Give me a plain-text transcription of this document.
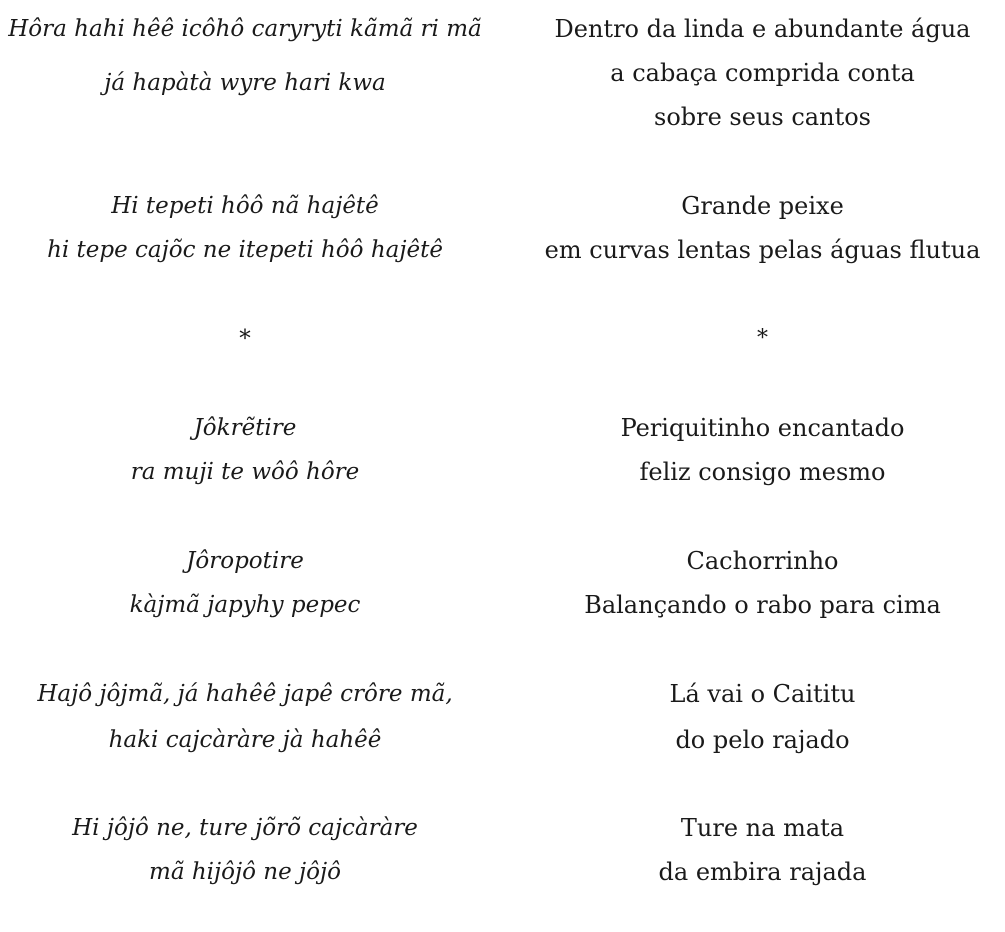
Hôra hahi hêê icôhô caryryti kãmã ri mã
já hapàtà wyre hari kwa
Hi tepeti hôô nã hajêtê
hi tepe cajõc ne itepeti hôô hajêtê
*
Jôkrẽtire
ra muji te wôô hôre
Jôropotire
kàjmã japyhy pepec
Hajô jôjmã, já hahêê japê crôre mã,
haki cajcàràre jà hahêê
Hi jôjô ne, ture jõrõ cajcàràre
mã hijôjô ne jôjô
Dentro da linda e abundante água
a cabaça comprida conta
sobre seus cantos
Grande peixe
em curvas lentas pelas águas flutua
*
Periquitinho encantado
feliz consigo mesmo
Cachorrinho
Balançando o rabo para cima
Lá vai o Caititu
do pelo rajado
Ture na mata
da embira rajada
